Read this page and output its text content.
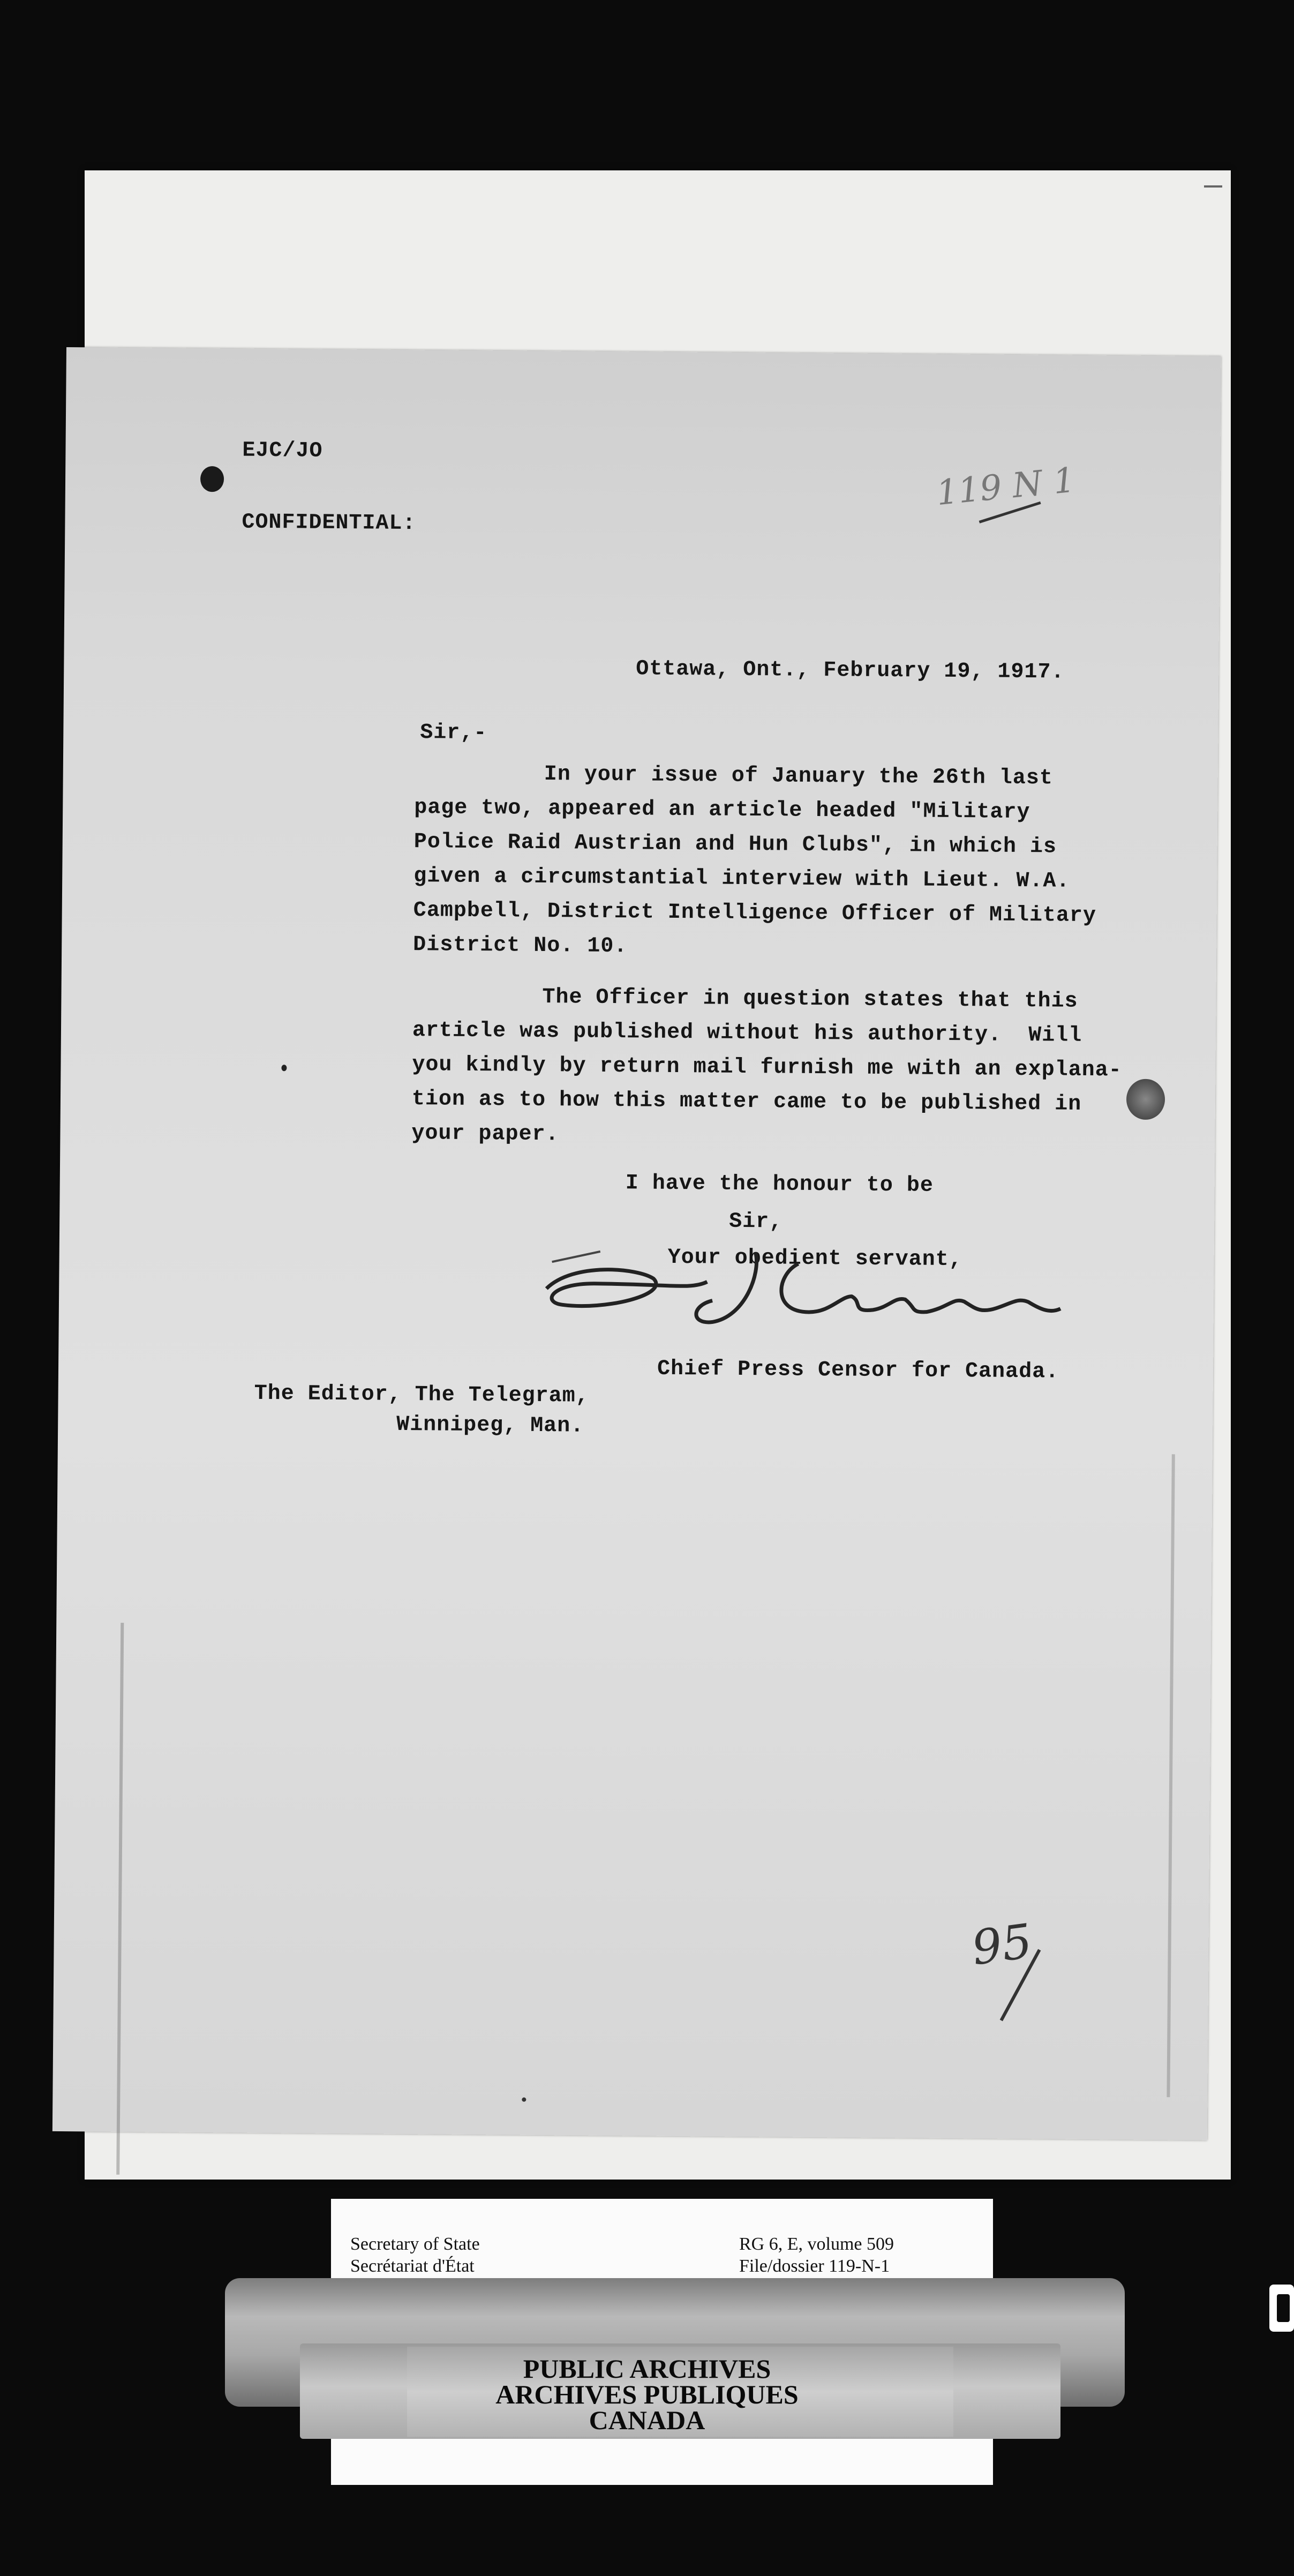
EJC/JO
CONFIDENTIAL:
119 N 1
Ottawa, Ont., February 19, 1917.
Sir,-
In your issue of January the 26th last
page two, appeared an article headed "Military
Police Raid Austrian and Hun Clubs", in which is
given a circumstantial interview with Lieut. W.A.
Campbell, District Intelligence Officer of Military
District No. 10.
The Officer in question states that this
article was published without his authority.  Will
you kindly by return mail furnish me with an explana-
tion as to how this matter came to be published in
your paper.
I have the honour to be
Sir,
Your obedient servant,
Chief Press Censor for Canada.
The Editor, The Telegram,
Winnipeg, Man.
95
Secretary of State
Secrétariat d'État
RG 6, E, volume 509
File/dossier 119-N-1
PUBLIC ARCHIVES
ARCHIVES PUBLIQUES
CANADA
